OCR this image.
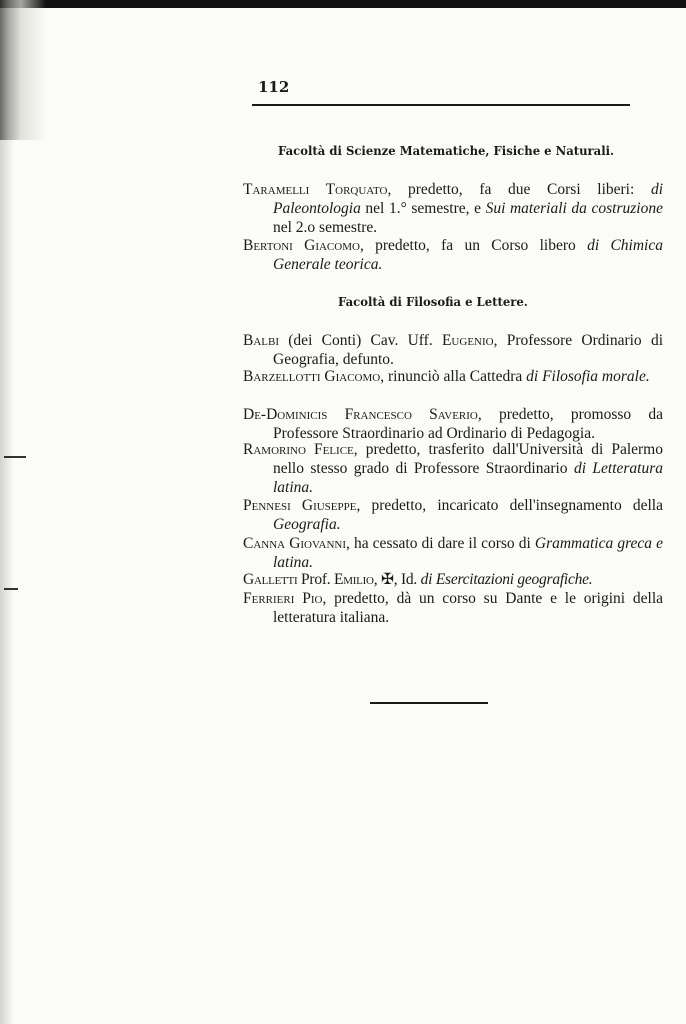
112
Facoltà di Scienze Matematiche, Fisiche e Naturali.
Taramelli Torquato, predetto, fa due Corsi liberi: di Paleontologia nel 1.° semestre, e Sui materiali da costruzione nel 2.o semestre.
Bertoni Giacomo, predetto, fa un Corso libero di Chimica Generale teorica.
Facoltà di Filosofia e Lettere.
Balbi (dei Conti) Cav. Uff. Eugenio, Professore Ordinario di Geografia, defunto.
Barzellotti Giacomo, rinunciò alla Cattedra di Filosofia morale.
De-Dominicis Francesco Saverio, predetto, promosso da Professore Straordinario ad Ordinario di Pedagogia.
Ramorino Felice, predetto, trasferito dall'Università di Palermo nello stesso grado di Professore Straordinario di Letteratura latina.
Pennesi Giuseppe, predetto, incaricato dell'insegnamento della Geografia.
Canna Giovanni, ha cessato di dare il corso di Grammatica greca e latina.
Galletti Prof. Emilio, ✠, Id. di Esercitazioni geografiche.
Ferrieri Pio, predetto, dà un corso su Dante e le origini della letteratura italiana.
